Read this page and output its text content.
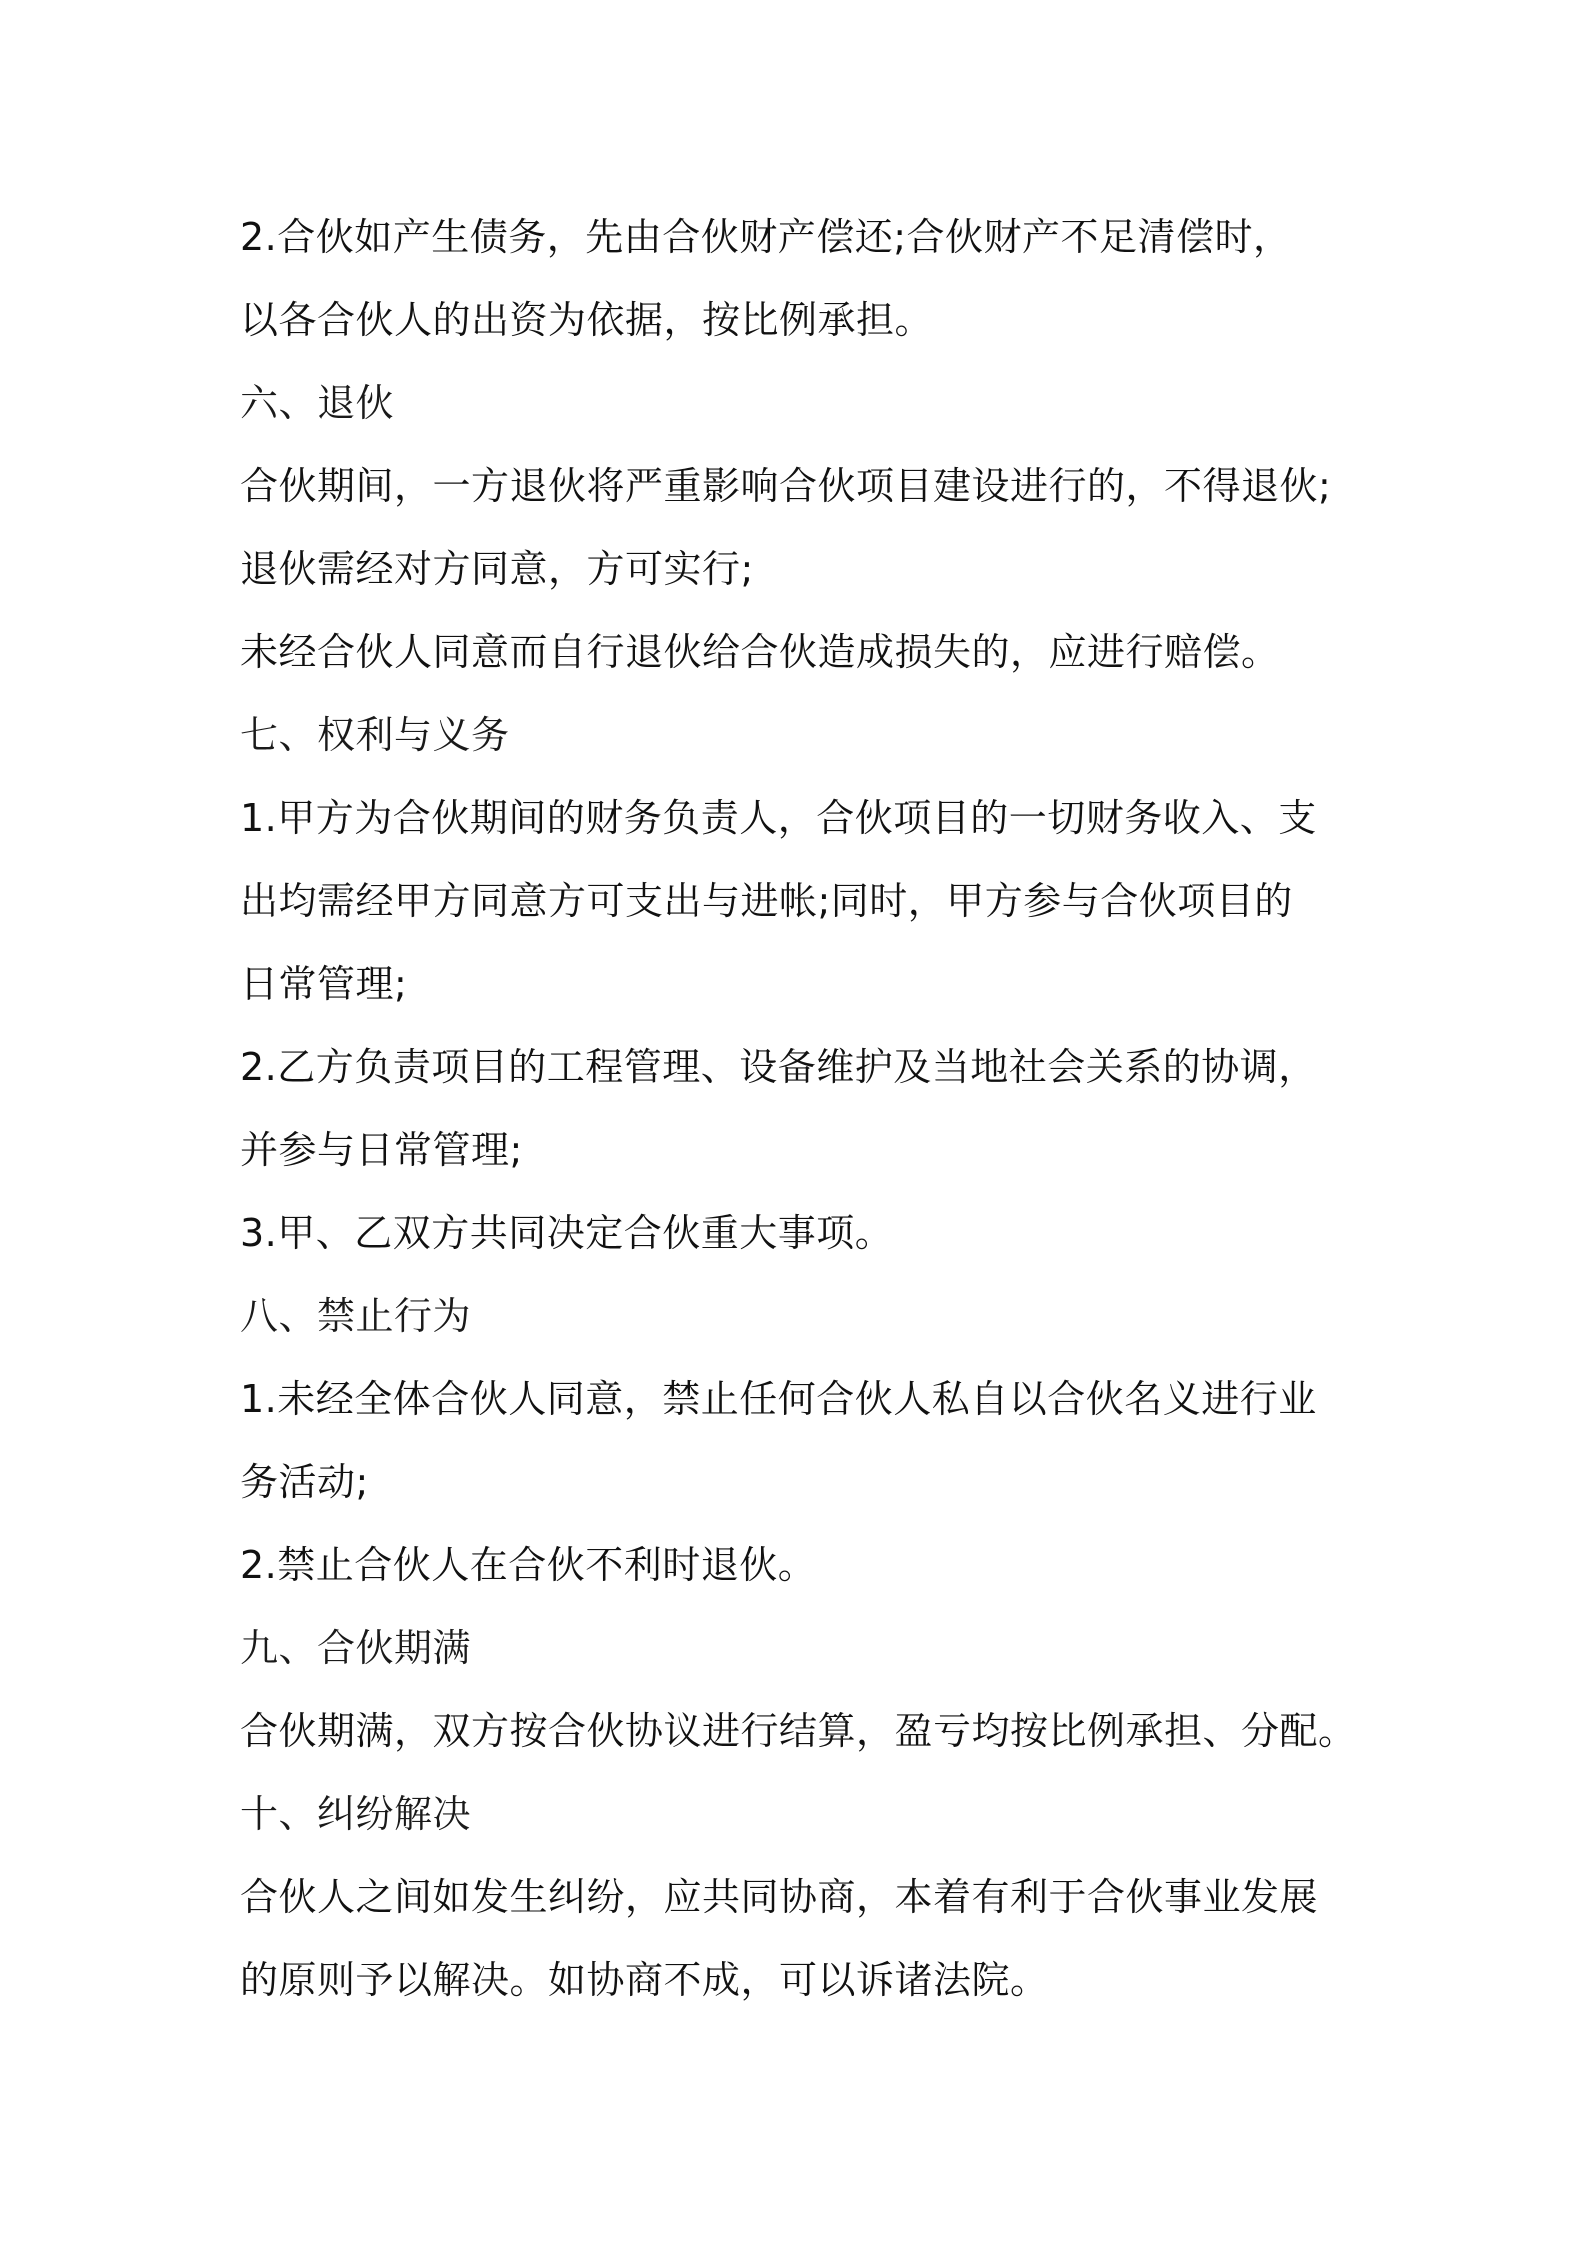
2.合伙如产生债务，先由合伙财产偿还;合伙财产不足清偿时，
以各合伙人的出资为依据，按比例承担。
六、退伙
合伙期间，一方退伙将严重影响合伙项目建设进行的，不得退伙;
退伙需经对方同意，方可实行;
未经合伙人同意而自行退伙给合伙造成损失的，应进行赔偿。
七、权利与义务
1.甲方为合伙期间的财务负责人，合伙项目的一切财务收入、支
出均需经甲方同意方可支出与进帐;同时，甲方参与合伙项目的
日常管理;
2.乙方负责项目的工程管理、设备维护及当地社会关系的协调，
并参与日常管理;
3.甲、乙双方共同决定合伙重大事项。
八、禁止行为
1.未经全体合伙人同意，禁止任何合伙人私自以合伙名义进行业
务活动;
2.禁止合伙人在合伙不利时退伙。
九、合伙期满
合伙期满，双方按合伙协议进行结算，盈亏均按比例承担、分配。
十、纠纷解决
合伙人之间如发生纠纷，应共同协商，本着有利于合伙事业发展
的原则予以解决。如协商不成，可以诉诸法院。
